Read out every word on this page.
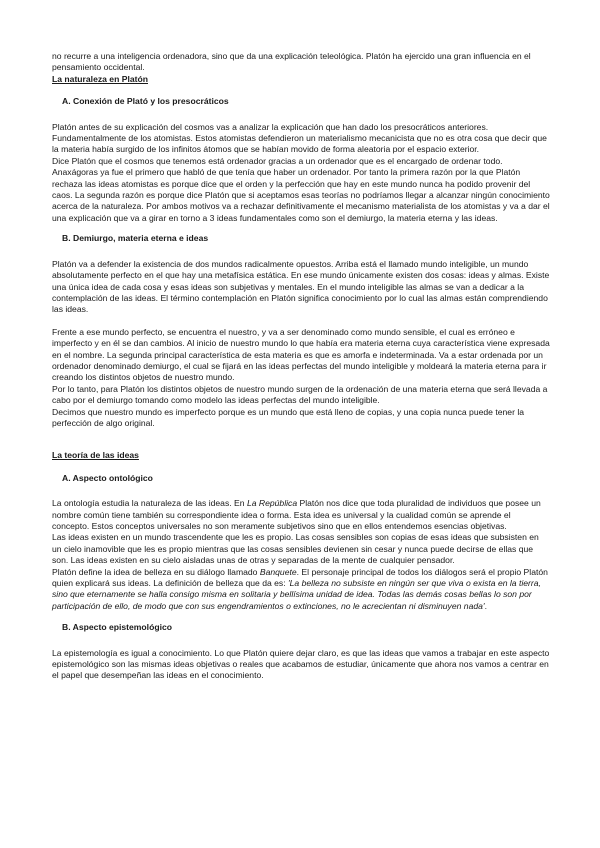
no recurre a una inteligencia ordenadora, sino que da una explicación teleológica. Platón ha ejercido una gran influencia en el pensamiento occidental.

La naturaleza en Platón

A. Conexión de Plató y los presocráticos

Platón antes de su explicación del cosmos vas a analizar la explicación que han dado los presocráticos anteriores. Fundamentalmente de los atomistas. Estos atomistas defendieron un materialismo mecanicista que no es otra cosa que decir que la materia había surgido de los infinitos átomos que se habían movido de forma aleatoria por el espacio exterior.

Dice Platón que el cosmos que tenemos está ordenador gracias a un ordenador que es el encargado de ordenar todo. Anaxágoras ya fue el primero que habló de que tenía que haber un ordenador. Por tanto la primera razón por la que Platón rechaza las ideas atomistas es porque dice que el orden y la perfección que hay en este mundo nunca ha podido provenir del caos. La segunda razón es porque dice Platón que si aceptamos esas teorías no podríamos llegar a alcanzar ningún conocimiento acerca de la naturaleza. Por ambos motivos va a rechazar definitivamente el mecanismo materialista de los atomistas y va a dar el una explicación que va a girar en torno a 3 ideas fundamentales como son el demiurgo, la materia eterna y las ideas.

B. Demiurgo, materia eterna e ideas

Platón va a defender la existencia de dos mundos radicalmente opuestos. Arriba está el llamado mundo inteligible, un mundo absolutamente perfecto en el que hay una metafísica estática. En ese mundo únicamente existen dos cosas: ideas y almas. Existe una única idea de cada cosa y esas ideas son subjetivas y mentales. En el mundo inteligible las almas se van a dedicar a la contemplación de las ideas. El término contemplación en Platón significa conocimiento por lo cual las almas están comprendiendo las ideas.

Frente a ese mundo perfecto, se encuentra el nuestro, y va a ser denominado como mundo sensible, el cual es erróneo e imperfecto y en él se dan cambios. Al inicio de nuestro mundo lo que había era materia eterna cuya característica viene expresada en el nombre. La segunda principal característica de esta materia es que es amorfa e indeterminada. Va a estar ordenada por un ordenador denominado demiurgo, el cual se fijará en las ideas perfectas del mundo inteligible y moldeará la materia eterna para ir creando los distintos objetos de nuestro mundo.

Por lo tanto, para Platón los distintos objetos de nuestro mundo surgen de la ordenación de una materia eterna que será llevada a cabo por el demiurgo tomando como modelo las ideas perfectas del mundo inteligible.

Decimos que nuestro mundo es imperfecto porque es un mundo que está lleno de copias, y una copia nunca puede tener la perfección de algo original.

La teoría de las ideas

A. Aspecto ontológico

La ontología estudia la naturaleza de las ideas. En La República Platón nos dice que toda pluralidad de individuos que posee un nombre común tiene también su correspondiente idea o forma. Esta idea es universal y la cualidad común se aprende el concepto. Estos conceptos universales no son meramente subjetivos sino que en ellos entendemos esencias objetivas.

Las ideas existen en un mundo trascendente que les es propio. Las cosas sensibles son copias de esas ideas que subsisten en un cielo inamovible que les es propio mientras que las cosas sensibles devienen sin cesar y nunca puede decirse de ellas que son. Las ideas existen en su cielo aisladas unas de otras y separadas de la mente de cualquier pensador.

Platón define la idea de belleza en su diálogo llamado Banquete. El personaje principal de todos los diálogos será el propio Platón quien explicará sus ideas. La definición de belleza que da es: 'La belleza no subsiste en ningún ser que viva o exista en la tierra, sino que eternamente se halla consigo misma en solitaria y bellísima unidad de idea. Todas las demás cosas bellas lo son por participación de ello, de modo que con sus engendramientos o extinciones, no le acrecientan ni disminuyen nada'.

B. Aspecto epistemológico

La epistemología es igual a conocimiento. Lo que Platón quiere dejar claro, es que las ideas que vamos a trabajar en este aspecto epistemológico son las mismas ideas objetivas o reales que acabamos de estudiar, únicamente que ahora nos vamos a centrar en el papel que desempeñan las ideas en el conocimiento.
